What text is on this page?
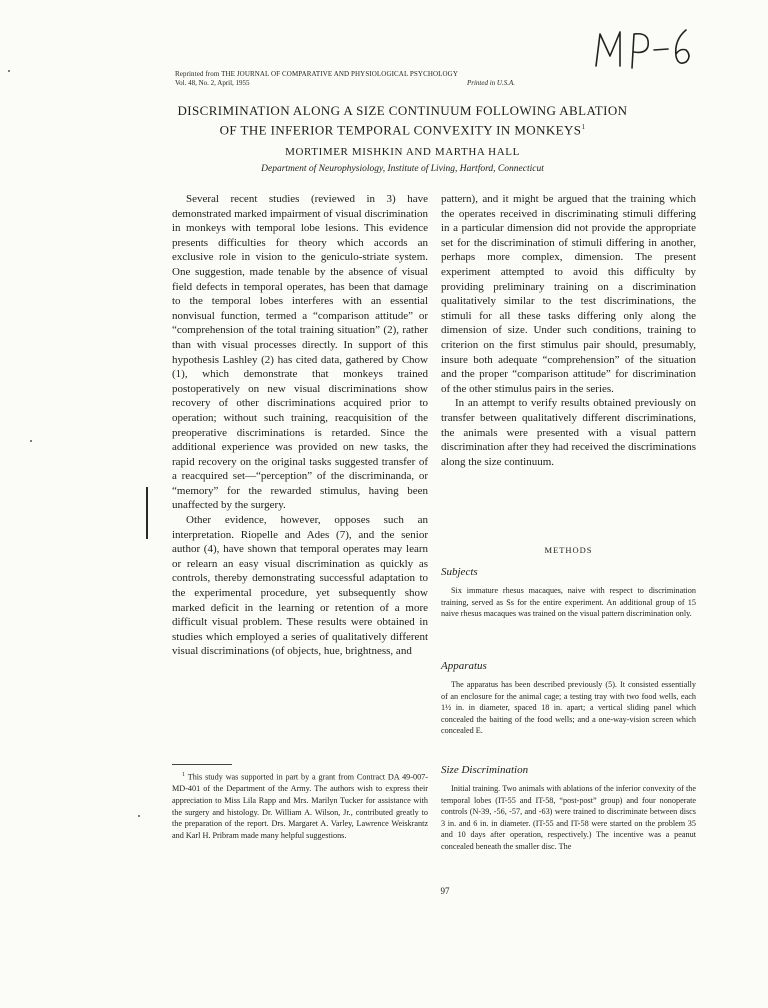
Reprinted from THE JOURNAL OF COMPARATIVE AND PHYSIOLOGICAL PSYCHOLOGY
Vol. 48, No. 2, April, 1955	Printed in U.S.A.
DISCRIMINATION ALONG A SIZE CONTINUUM FOLLOWING ABLATION
OF THE INFERIOR TEMPORAL CONVEXITY IN MONKEYS$^1$
MORTIMER MISHKIN AND MARTHA HALL
Department of Neurophysiology, Institute of Living, Hartford, Connecticut

Several recent studies (reviewed in 3) have demonstrated marked impairment of visual discrimination in monkeys with temporal lobe lesions. This evidence presents difficulties for theory which accords an exclusive role in vision to the geniculo-striate system. One suggestion, made tenable by the absence of visual field defects in temporal operates, has been that damage to the temporal lobes interferes with an essential nonvisual function, termed a “comparison attitude” or “comprehension of the total training situation” (2), rather than with visual processes directly. In support of this hypothesis Lashley (2) has cited data, gathered by Chow (1), which demonstrate that monkeys trained postoperatively on new visual discriminations show recovery of other discriminations acquired prior to operation; without such training, reacquisition of the preoperative discriminations is retarded. Since the additional experience was provided on new tasks, the rapid recovery on the original tasks suggested transfer of a reacquired set—“perception” of the discriminanda, or “memory” for the rewarded stimulus, having been unaffected by the surgery.

Other evidence, however, opposes such an interpretation. Riopelle and Ades (7), and the senior author (4), have shown that temporal operates may learn or relearn an easy visual discrimination as quickly as controls, thereby demonstrating successful adaptation to the experimental procedure, yet subsequently show marked deficit in the learning or retention of a more difficult visual problem. These results were obtained in studies which employed a series of qualitatively different visual discriminations (of objects, hue, brightness, and

$^1$ This study was supported in part by a grant from Contract DA 49-007-MD-401 of the Department of the Army. The authors wish to express their appreciation to Miss Lila Rapp and Mrs. Marilyn Tucker for assistance with the surgery and histology. Dr. William A. Wilson, Jr., contributed greatly to the preparation of the report. Drs. Margaret A. Varley, Lawrence Weiskrantz and Karl H. Pribram made many helpful suggestions.

pattern), and it might be argued that the training which the operates received in discriminating stimuli differing in a particular dimension did not provide the appropriate set for the discrimination of stimuli differing in another, perhaps more complex, dimension. The present experiment attempted to avoid this difficulty by providing preliminary training on a discrimination qualitatively similar to the test discriminations, the stimuli for all these tasks differing only along the dimension of size. Under such conditions, training to criterion on the first stimulus pair should, presumably, insure both adequate “comprehension” of the situation and the proper “comparison attitude” for discrimination of the other stimulus pairs in the series.

In an attempt to verify results obtained previously on transfer between qualitatively different discriminations, the animals were presented with a visual pattern discrimination after they had received the discriminations along the size continuum.

METHODS
Subjects

Six immature rhesus macaques, naive with respect to discrimination training, served as Ss for the entire experiment. An additional group of 15 naive rhesus macaques was trained on the visual pattern discrimination only.

Apparatus

The apparatus has been described previously (5). It consisted essentially of an enclosure for the animal cage; a testing tray with two food wells, each 1½ in. in diameter, spaced 18 in. apart; a vertical sliding panel which concealed the baiting of the food wells; and a one-way-vision screen which concealed E.

Size Discrimination

Initial training. Two animals with ablations of the inferior convexity of the temporal lobes (IT-55 and IT-58, “post-post” group) and four nonoperate controls (N-39, -56, -57, and -63) were trained to discriminate between discs 3 in. and 6 in. in diameter. (IT-55 and IT-58 were started on the problem 35 and 10 days after operation, respectively.) The incentive was a peanut concealed beneath the smaller disc. The

97
